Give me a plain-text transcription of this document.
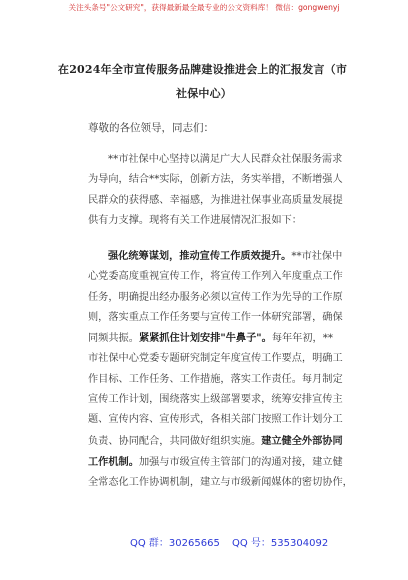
关注头条号"公文研究"，获得最新最全最专业的公文资料库！ 微信：gongwenyj
在2024年全市宣传服务品牌建设推进会上的汇报发言（市
社保中心）
尊敬的各位领导，同志们：
**市社保中心坚持以满足广大人民群众社保服务需求
为导向，结合**实际，创新方法，务实举措，不断增强人
民群众的获得感、幸福感，为推进社保事业高质量发展提
供有力支撑。现将有关工作进展情况汇报如下：
强化统筹谋划，推动宣传工作质效提升。**市社保中
心党委高度重视宣传工作，将宣传工作列入年度重点工作
任务，明确提出经办服务必须以宣传工作为先导的工作原
则，落实重点工作任务要与宣传工作一体研究部署，确保
同频共振。紧紧抓住计划安排"牛鼻子"。每年年初，**
市社保中心党委专题研究制定年度宣传工作要点，明确工
作目标、工作任务、工作措施，落实工作责任。每月制定
宣传工作计划，围绕落实上级部署要求，统筹安排宣传主
题、宣传内容、宣传形式，各相关部门按照工作计划分工
负责、协同配合，共同做好组织实施。建立健全外部协同
工作机制。加强与市级宣传主管部门的沟通对接，建立健
全常态化工作协调机制，建立与市级新闻媒体的密切协作，
QQ 群：30265665 QQ 号：535304092
